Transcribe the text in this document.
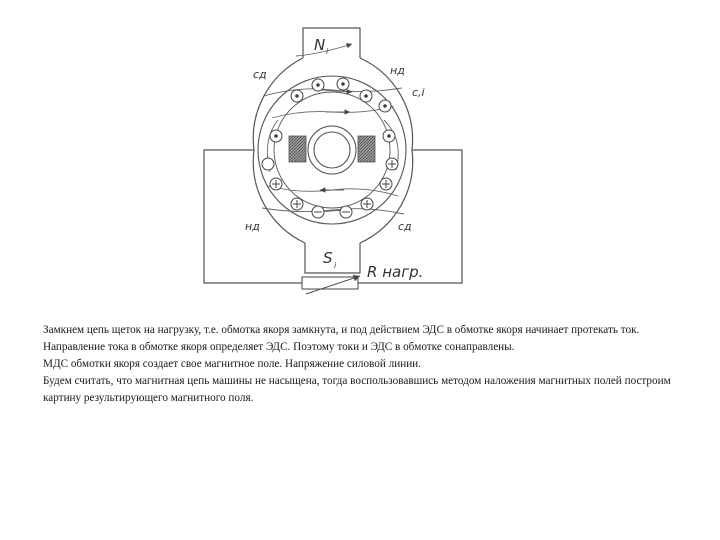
N i
S i
сд	нд
с,i
нд	сд
R нагр.

Замкнем цепь щеток на нагрузку, т.е. обмотка якоря замкнута, и под действием ЭДС в обмотке якоря начинает протекать ток. Направление тока в обмотке якоря определяет ЭДС. Поэтому токи и ЭДС в обмотке сонаправлены.

МДС обмотки якоря создает свое магнитное поле. Напряжение силовой линии.

Будем считать, что магнитная цепь машины не насыщена, тогда воспользовавшись методом наложения магнитных полей построим картину результирующего магнитного поля.
